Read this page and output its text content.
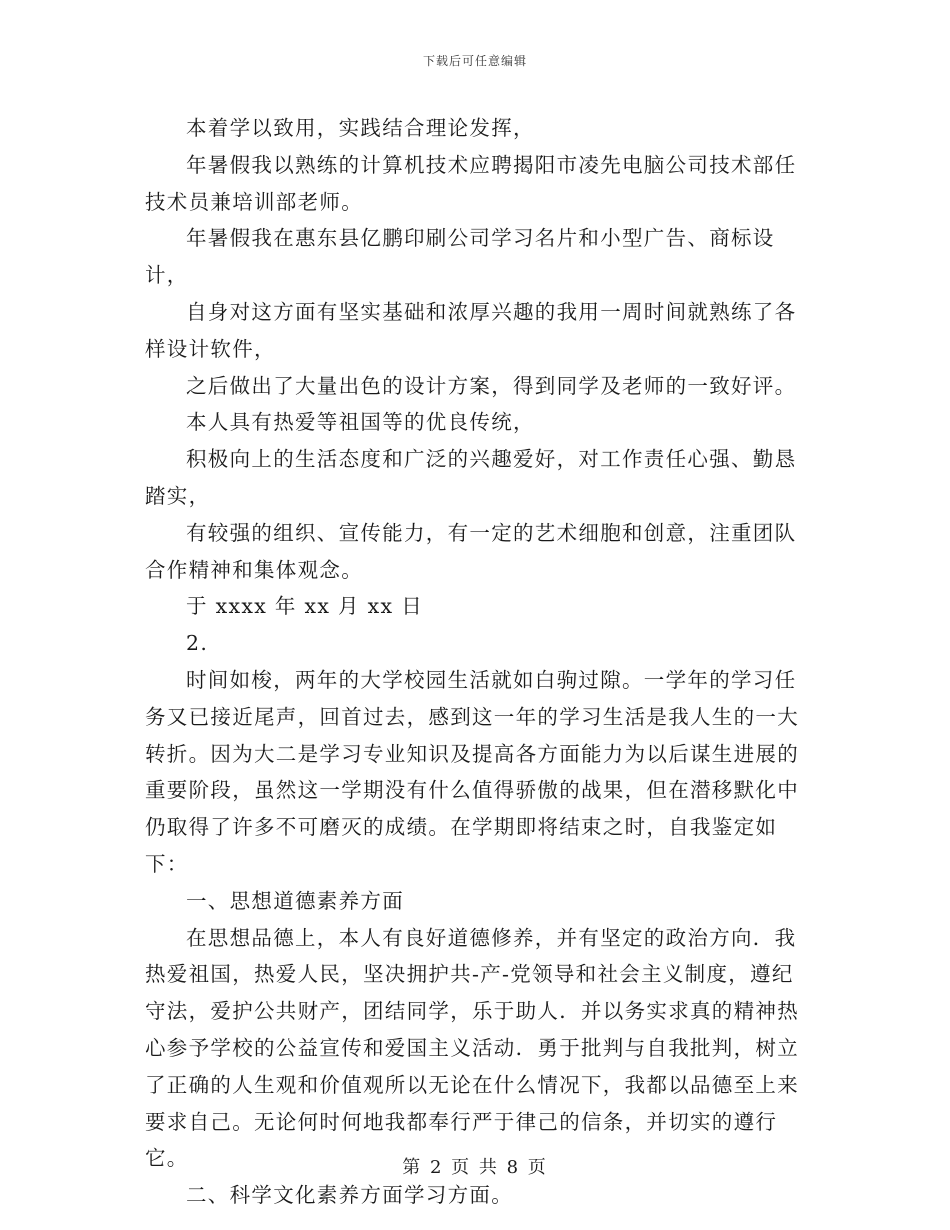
下载后可任意编辑

本着学以致用，实践结合理论发挥，

年暑假我以熟练的计算机技术应聘揭阳市凌先电脑公司技术部任技术员兼培训部老师。

年暑假我在惠东县亿鹏印刷公司学习名片和小型广告、商标设计，

自身对这方面有坚实基础和浓厚兴趣的我用一周时间就熟练了各样设计软件，

之后做出了大量出色的设计方案，得到同学及老师的一致好评。

本人具有热爱等祖国等的优良传统，

积极向上的生活态度和广泛的兴趣爱好，对工作责任心强、勤恳踏实，

有较强的组织、宣传能力，有一定的艺术细胞和创意，注重团队合作精神和集体观念。

于 xxxx 年 xx 月 xx 日

2.

时间如梭，两年的大学校园生活就如白驹过隙。一学年的学习任务又已接近尾声，回首过去，感到这一年的学习生活是我人生的一大转折。因为大二是学习专业知识及提高各方面能力为以后谋生进展的重要阶段，虽然这一学期没有什么值得骄傲的战果，但在潜移默化中仍取得了许多不可磨灭的成绩。在学期即将结束之时，自我鉴定如下：

一、思想道德素养方面

在思想品德上，本人有良好道德修养，并有坚定的政治方向．我热爱祖国，热爱人民，坚决拥护共-产-党领导和社会主义制度，遵纪守法，爱护公共财产，团结同学，乐于助人．并以务实求真的精神热心参予学校的公益宣传和爱国主义活动．勇于批判与自我批判，树立了正确的人生观和价值观所以无论在什么情况下，我都以品德至上来要求自己。无论何时何地我都奉行严于律己的信条，并切实的遵行它。

二、科学文化素养方面学习方面。

第 2 页 共 8 页
